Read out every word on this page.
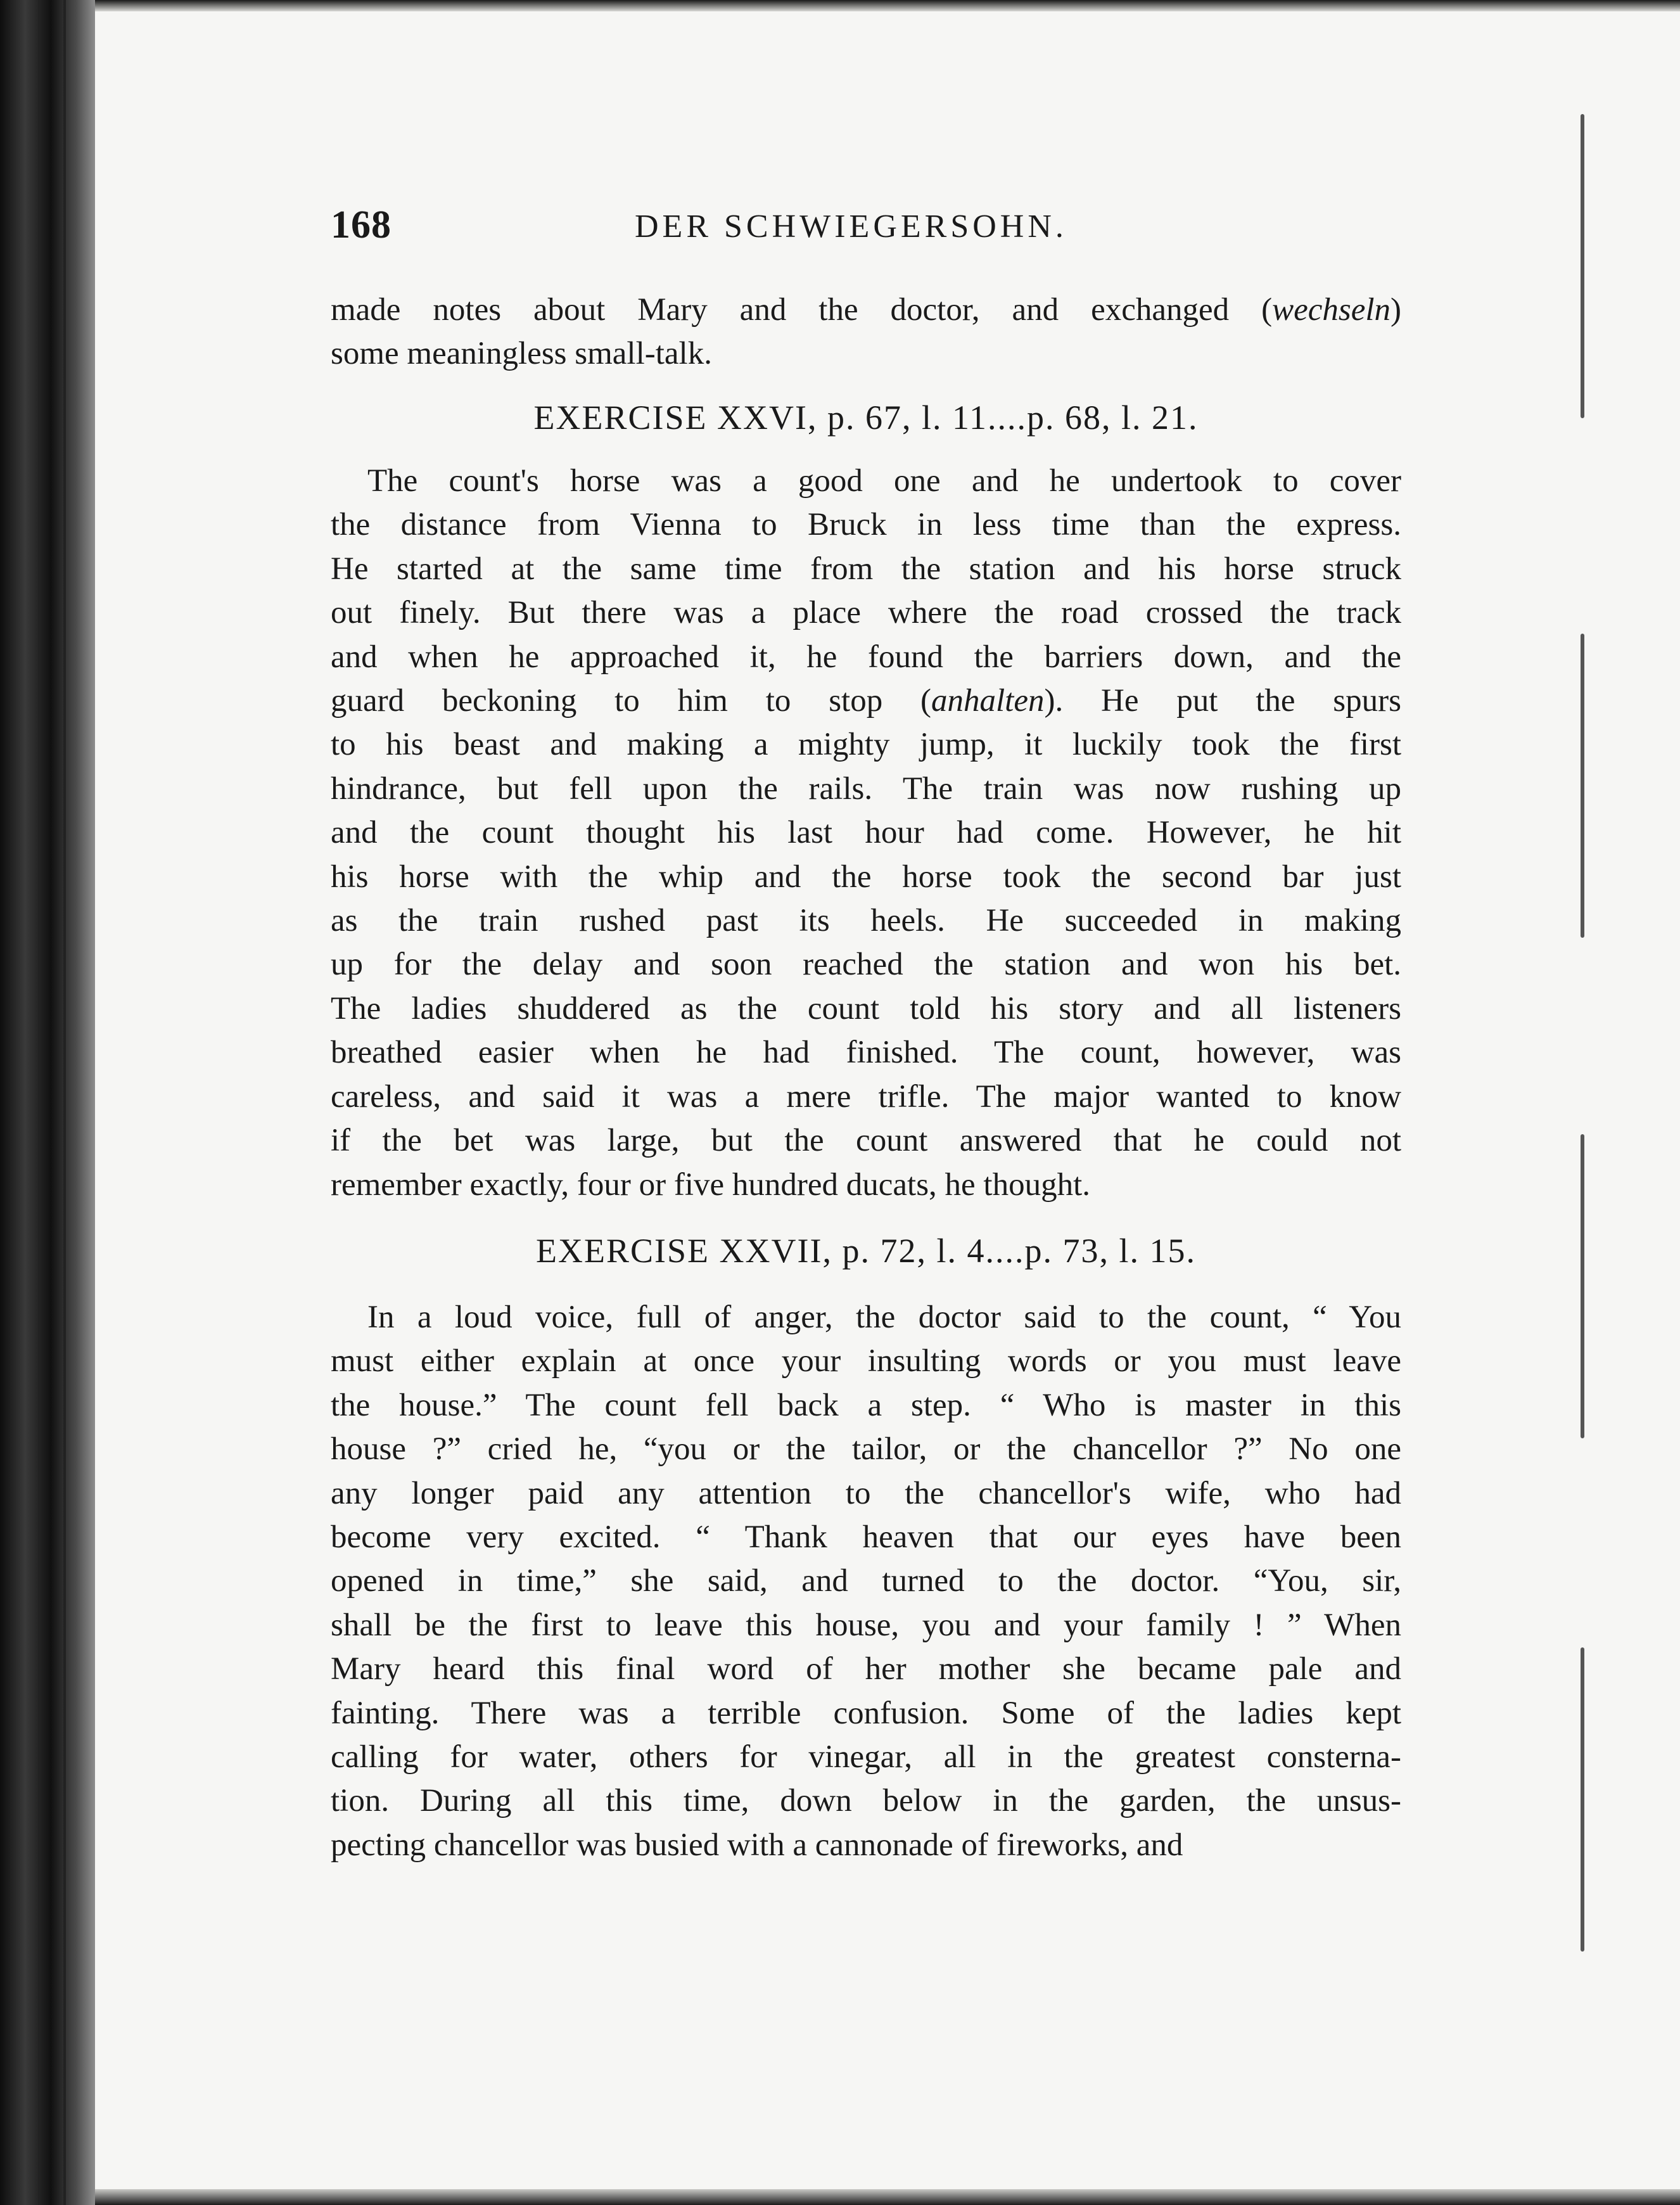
168	DER SCHWIEGERSOHN.
made notes about Mary and the doctor, and exchanged (wechseln)
some meaningless small-talk.
EXERCISE XXVI, p. 67, l. 11....p. 68, l. 21.
The count's horse was a good one and he undertook to cover
the distance from Vienna to Bruck in less time than the express.
He started at the same time from the station and his horse struck
out finely. But there was a place where the road crossed the track
and when he approached it, he found the barriers down, and the
guard beckoning to him to stop (anhalten). He put the spurs
to his beast and making a mighty jump, it luckily took the first
hindrance, but fell upon the rails. The train was now rushing up
and the count thought his last hour had come. However, he hit
his horse with the whip and the horse took the second bar just
as the train rushed past its heels. He succeeded in making
up for the delay and soon reached the station and won his bet.
The ladies shuddered as the count told his story and all listeners
breathed easier when he had finished. The count, however, was
careless, and said it was a mere trifle. The major wanted to know
if the bet was large, but the count answered that he could not
remember exactly, four or five hundred ducats, he thought.
EXERCISE XXVII, p. 72, l. 4....p. 73, l. 15.
In a loud voice, full of anger, the doctor said to the count, “ You
must either explain at once your insulting words or you must leave
the house.” The count fell back a step. “ Who is master in this
house ?” cried he, “you or the tailor, or the chancellor ?” No one
any longer paid any attention to the chancellor's wife, who had
become very excited. “ Thank heaven that our eyes have been
opened in time,” she said, and turned to the doctor. “You, sir,
shall be the first to leave this house, you and your family ! ” When
Mary heard this final word of her mother she became pale and
fainting. There was a terrible confusion. Some of the ladies kept
calling for water, others for vinegar, all in the greatest consterna-
tion. During all this time, down below in the garden, the unsus-
pecting chancellor was busied with a cannonade of fireworks, and
